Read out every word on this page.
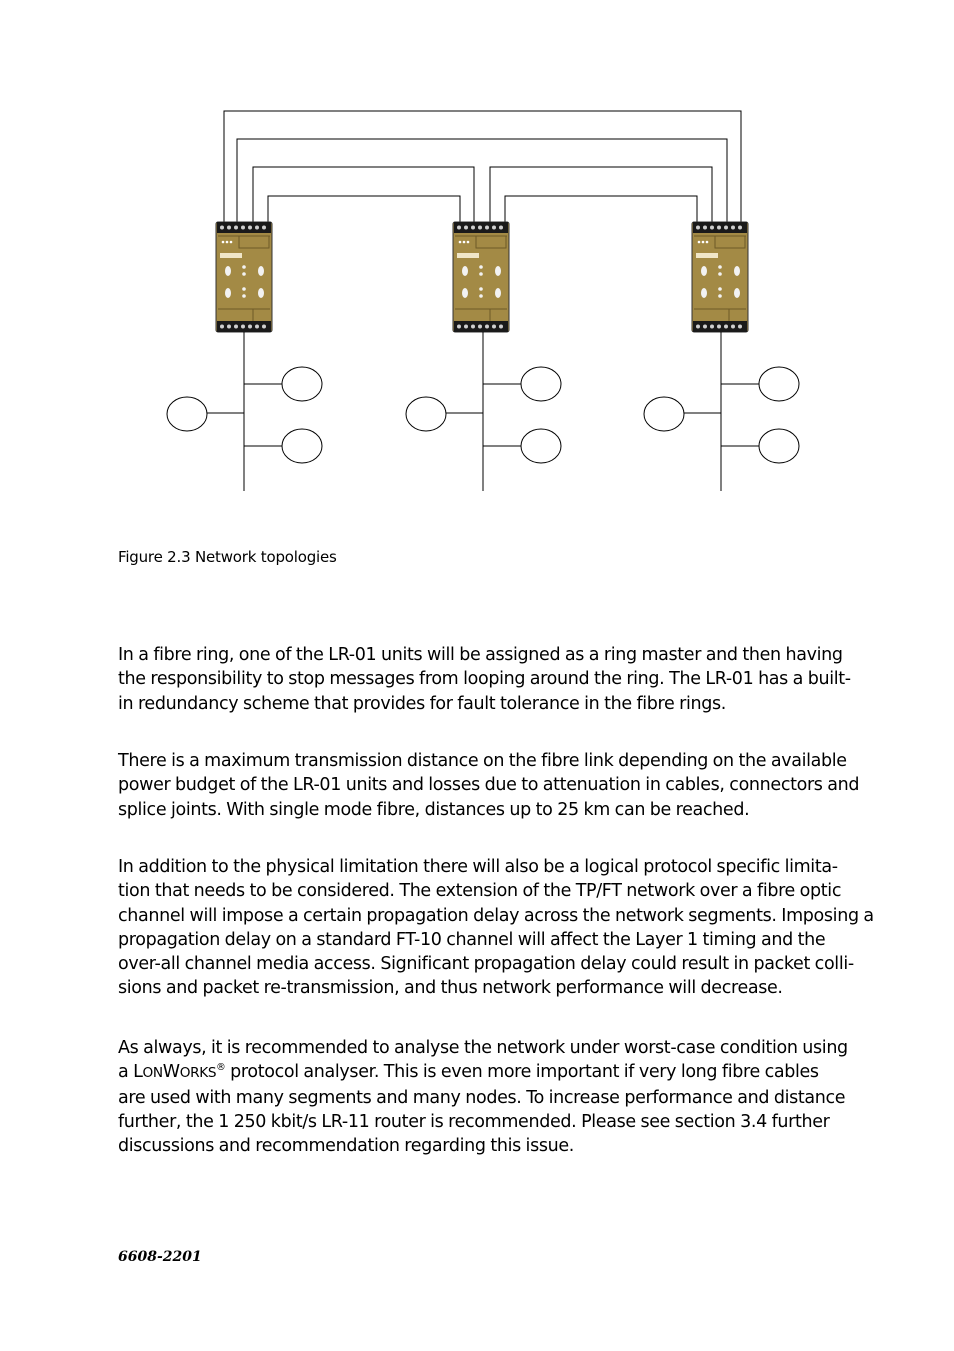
Figure 2.3 Network topologies

In a fibre ring, one of the LR-01 units will be assigned as a ring master and then having
the responsibility to stop messages from looping around the ring. The LR-01 has a built-
in redundancy scheme that provides for fault tolerance in the fibre rings.

There is a maximum transmission distance on the fibre link depending on the available
power budget of the LR-01 units and losses due to attenuation in cables, connectors and
splice joints. With single mode fibre, distances up to 25 km can be reached.

In addition to the physical limitation there will also be a logical protocol specific limita-
tion that needs to be considered. The extension of the TP/FT network over a fibre optic
channel will impose a certain propagation delay across the network segments. Imposing a
propagation delay on a standard FT-10 channel will affect the Layer 1 timing and the
over-all channel media access. Significant propagation delay could result in packet colli-
sions and packet re-transmission, and thus network performance will decrease.

As always, it is recommended to analyse the network under worst-case condition using
a LONWORKS® protocol analyser. This is even more important if very long fibre cables
are used with many segments and many nodes. To increase performance and distance
further, the 1 250 kbit/s LR-11 router is recommended. Please see section 3.4 further
discussions and recommendation regarding this issue.

6608-2201
